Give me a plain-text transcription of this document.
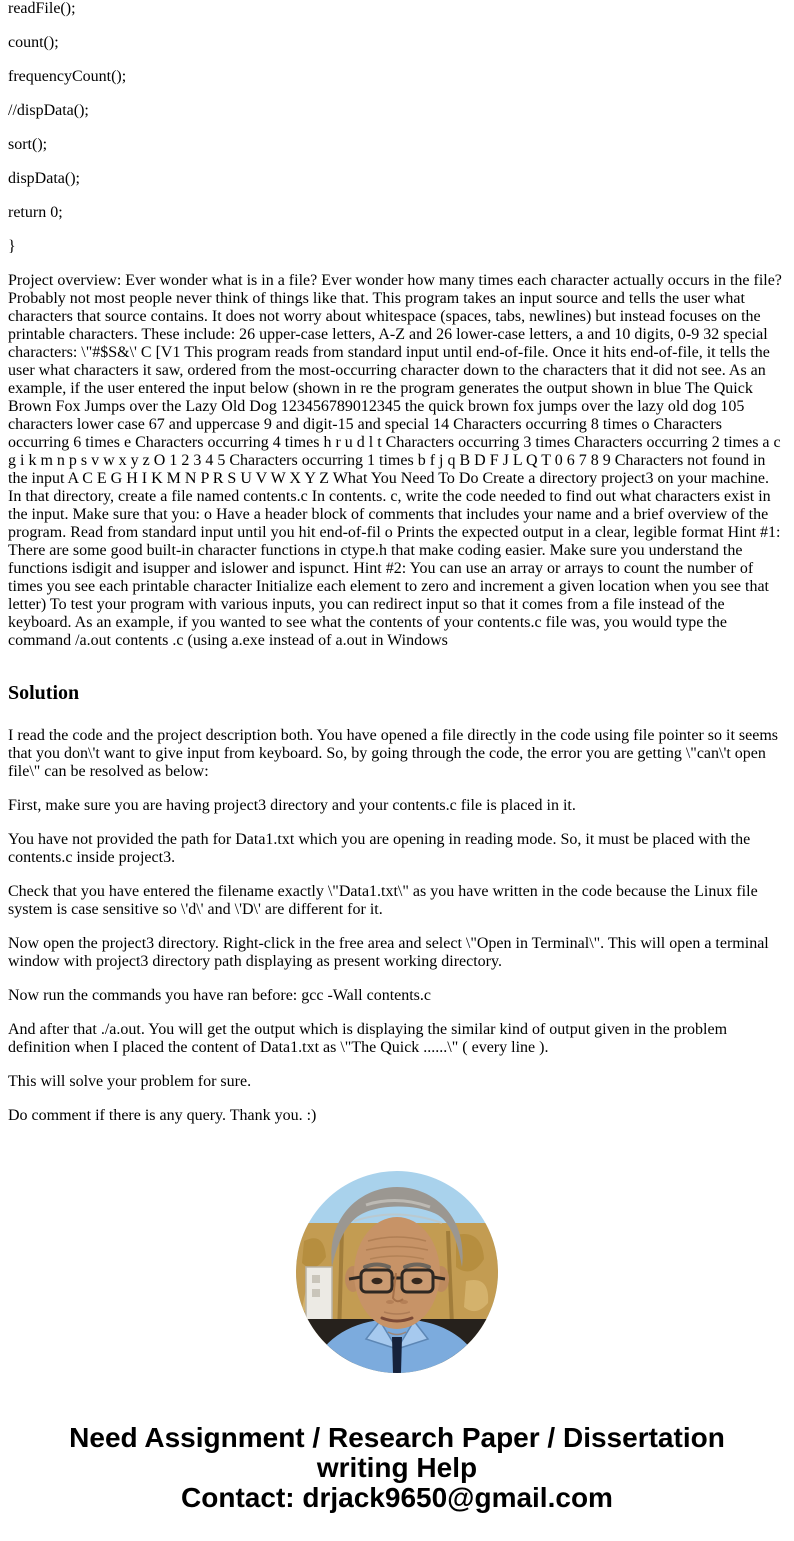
readFile();

count();

frequencyCount();

//dispData();

sort();

dispData();

return 0;

}

Project overview: Ever wonder what is in a file? Ever wonder how many times each character actually occurs in the file? Probably not most people never think of things like that. This program takes an input source and tells the user what characters that source contains. It does not worry about whitespace (spaces, tabs, newlines) but instead focuses on the printable characters. These include: 26 upper-case letters, A-Z and 26 lower-case letters, a and 10 digits, 0-9 32 special characters: \"#$S&\' C [V1 This program reads from standard input until end-of-file. Once it hits end-of-file, it tells the user what characters it saw, ordered from the most-occurring character down to the characters that it did not see. As an example, if the user entered the input below (shown in re the program generates the output shown in blue The Quick Brown Fox Jumps over the Lazy Old Dog 123456789012345 the quick brown fox jumps over the lazy old dog 105 characters lower case 67 and uppercase 9 and digit-15 and special 14 Characters occurring 8 times o Characters occurring 6 times e Characters occurring 4 times h r u d l t Characters occurring 3 times Characters occurring 2 times a c g i k m n p s v w x y z O 1 2 3 4 5 Characters occurring 1 times b f j q B D F J L Q T 0 6 7 8 9 Characters not found in the input A C E G H I K M N P R S U V W X Y Z What You Need To Do Create a directory project3 on your machine. In that directory, create a file named contents.c In contents. c, write the code needed to find out what characters exist in the input. Make sure that you: o Have a header block of comments that includes your name and a brief overview of the program. Read from standard input until you hit end-of-fil o Prints the expected output in a clear, legible format Hint #1: There are some good built-in character functions in ctype.h that make coding easier. Make sure you understand the functions isdigit and isupper and islower and ispunct. Hint #2: You can use an array or arrays to count the number of times you see each printable character Initialize each element to zero and increment a given location when you see that letter) To test your program with various inputs, you can redirect input so that it comes from a file instead of the keyboard. As an example, if you wanted to see what the contents of your contents.c file was, you would type the command /a.out contents .c (using a.exe instead of a.out in Windows

Solution

I read the code and the project description both. You have opened a file directly in the code using file pointer so it seems that you don\'t want to give input from keyboard. So, by going through the code, the error you are getting \"can\'t open file\" can be resolved as below:

First, make sure you are having project3 directory and your contents.c file is placed in it.

You have not provided the path for Data1.txt which you are opening in reading mode. So, it must be placed with the contents.c inside project3.

Check that you have entered the filename exactly \"Data1.txt\" as you have written in the code because the Linux file system is case sensitive so \'d\' and \'D\' are different for it.

Now open the project3 directory. Right-click in the free area and select \"Open in Terminal\". This will open a terminal window with project3 directory path displaying as present working directory.

Now run the commands you have ran before: gcc -Wall contents.c

And after that ./a.out. You will get the output which is displaying the similar kind of output given in the problem definition when I placed the content of Data1.txt as \"The Quick ......\" ( every line ).

This will solve your problem for sure.

Do comment if there is any query. Thank you. :)

Need Assignment / Research Paper / Dissertation
writing Help
Contact: drjack9650@gmail.com
